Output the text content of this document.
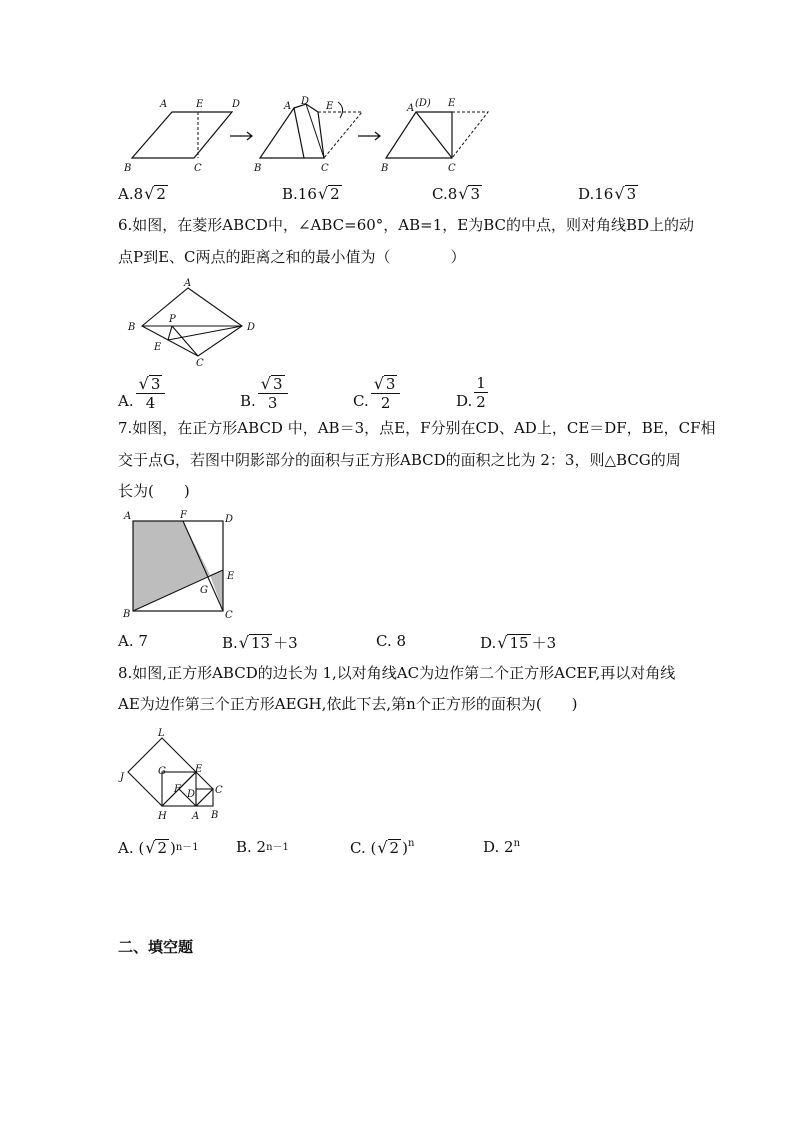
A	E	D
B	C
A D E
B	C
A (D) E
B	C
A. 8 √ 2	B. 16 √ 2	C. 8 √ 3	D. 16 √ 3
6.如图，在菱形ABCD中，∠ABC=60°，AB=1，E为BC的中点，则对角线BD上的动
点P到E、C两点的距离之和的最小值为（　　　　）
A
B
P
D
E
C
A. $\frac{√ 3}{4}$	B. $\frac{√ 3}{3}$	C. $\frac{√ 3}{2}$	D. $\frac{1}{2}$
7.如图，在正方形ABCD 中，AB＝3，点E，F分别在CD、AD上，CE＝DF，BE，CF相
交于点G，若图中阴影部分的面积与正方形ABCD的面积之比为 2：3，则△BCG的周
长为(　　)
A	F	D
E
G
B	C
A. 7	B. √ 13 ＋3	C. 8	D. √ 15 ＋3
8.如图,正方形ABCD的边长为 1,以对角线AC为边作第二个正方形ACEF,再以对角线
AE为边作第三个正方形AEGH,依此下去,第n个正方形的面积为(　　)
L
J
G	E
F D C
H	A B
A. ( √ 2 ) n－1 B. 2 n－1	C. ( √ 2 )$^n$	D. 2$^n$
二、填空题
